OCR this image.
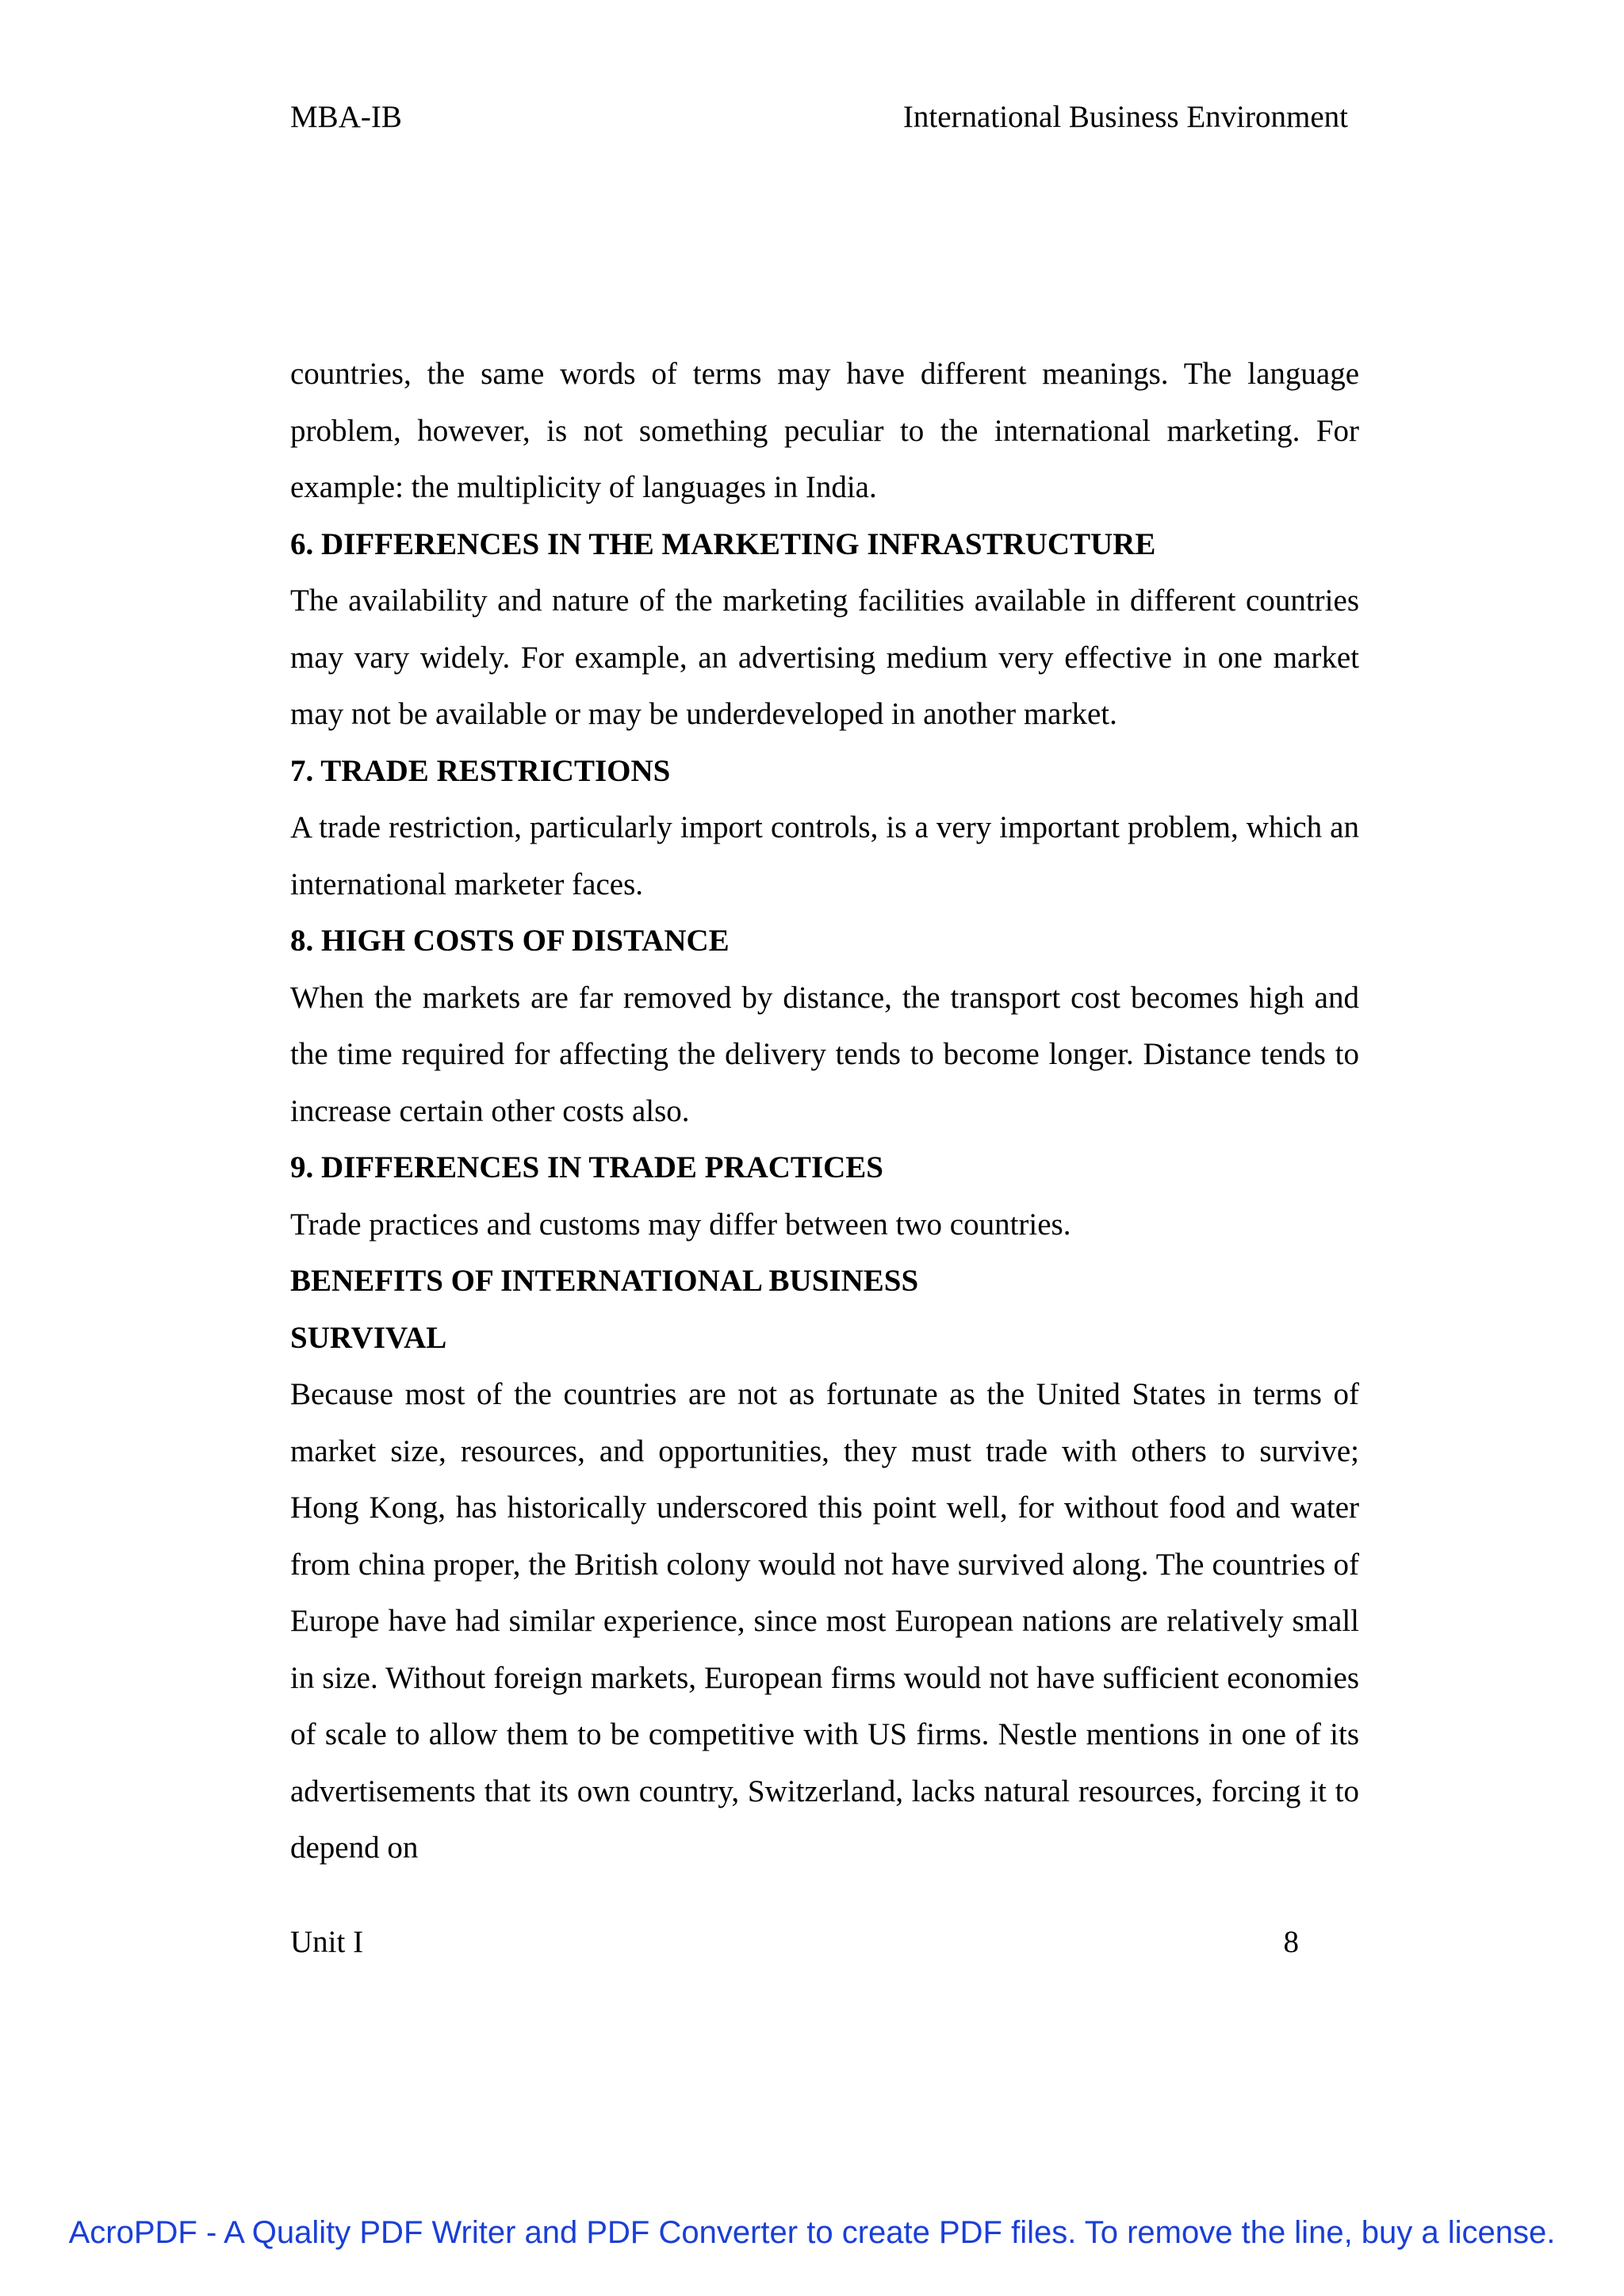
MBA-IB	International Business Environment

countries, the same words of terms may have different meanings. The language problem, however, is not something peculiar to the international marketing. For example: the multiplicity of languages in India.

6. DIFFERENCES IN THE MARKETING INFRASTRUCTURE

The availability and nature of the marketing facilities available in different countries may vary widely. For example, an advertising medium very effective in one market may not be available or may be underdeveloped in another market.

7. TRADE RESTRICTIONS

A trade restriction, particularly import controls, is a very important problem, which an international marketer faces.

8. HIGH COSTS OF DISTANCE

When the markets are far removed by distance, the transport cost becomes high and the time required for affecting the delivery tends to become longer. Distance tends to increase certain other costs also.

9. DIFFERENCES IN TRADE PRACTICES

Trade practices and customs may differ between two countries.

BENEFITS OF INTERNATIONAL BUSINESS

SURVIVAL

Because most of the countries are not as fortunate as the United States in terms of market size, resources, and opportunities, they must trade with others to survive; Hong Kong, has historically underscored this point well, for without food and water from china proper, the British colony would not have survived along. The countries of Europe have had similar experience, since most European nations are relatively small in size. Without foreign markets, European firms would not have sufficient economies of scale to allow them to be competitive with US firms. Nestle mentions in one of its advertisements that its own country, Switzerland, lacks natural resources, forcing it to depend on

Unit I	8
AcroPDF - A Quality PDF Writer and PDF Converter to create PDF files. To remove the line, buy a license.
